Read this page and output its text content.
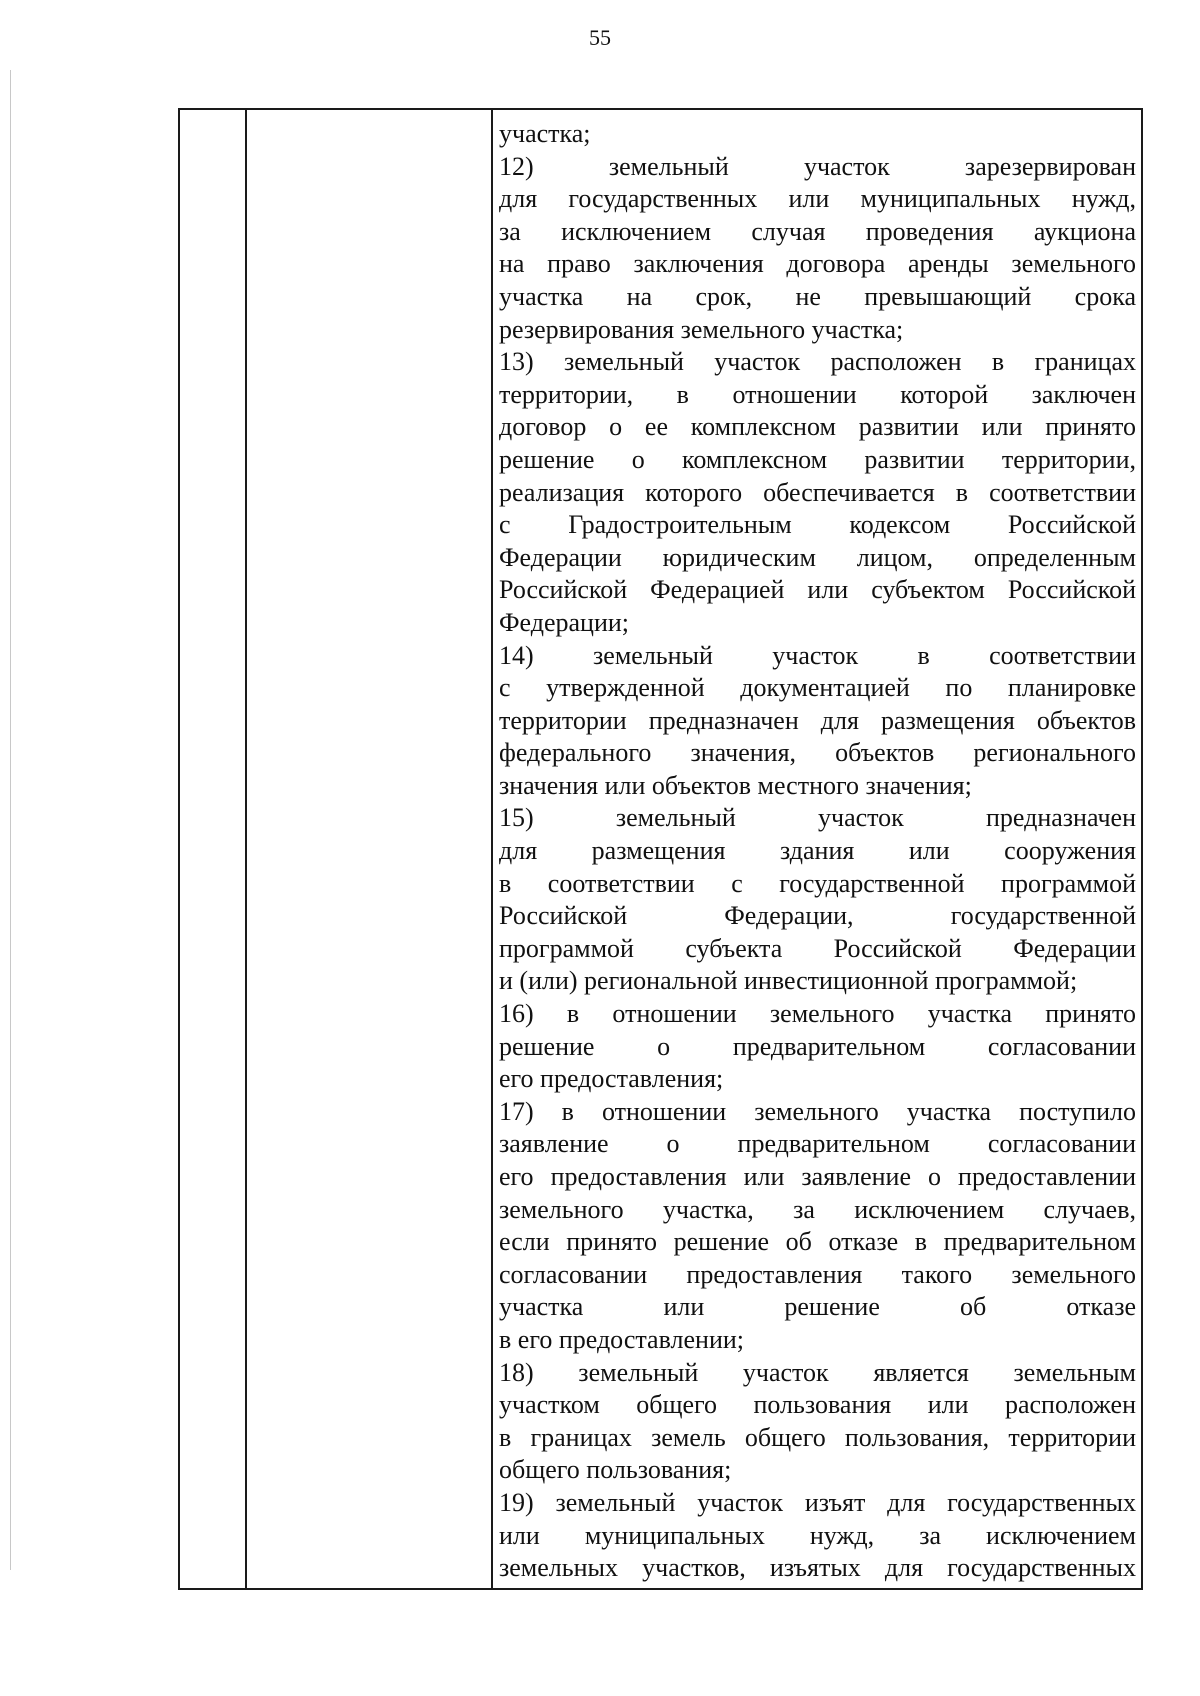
55
участка;
12) земельный участок зарезервирован
для государственных или муниципальных нужд,
за исключением случая проведения аукциона
на право заключения договора аренды земельного
участка на срок, не превышающий срока
резервирования земельного участка;
13) земельный участок расположен в границах
территории, в отношении которой заключен
договор о ее комплексном развитии или принято
решение о комплексном развитии территории,
реализация которого обеспечивается в соответствии
с Градостроительным кодексом Российской
Федерации юридическим лицом, определенным
Российской Федерацией или субъектом Российской
Федерации;
14) земельный участок в соответствии
с утвержденной документацией по планировке
территории предназначен для размещения объектов
федерального значения, объектов регионального
значения или объектов местного значения;
15) земельный участок предназначен
для размещения здания или сооружения
в соответствии с государственной программой
Российской Федерации, государственной
программой субъекта Российской Федерации
и (или) региональной инвестиционной программой;
16) в отношении земельного участка принято
решение о предварительном согласовании
его предоставления;
17) в отношении земельного участка поступило
заявление о предварительном согласовании
его предоставления или заявление о предоставлении
земельного участка, за исключением случаев,
если принято решение об отказе в предварительном
согласовании предоставления такого земельного
участка или решение об отказе
в его предоставлении;
18) земельный участок является земельным
участком общего пользования или расположен
в границах земель общего пользования, территории
общего пользования;
19) земельный участок изъят для государственных
или муниципальных нужд, за исключением
земельных участков, изъятых для государственных
